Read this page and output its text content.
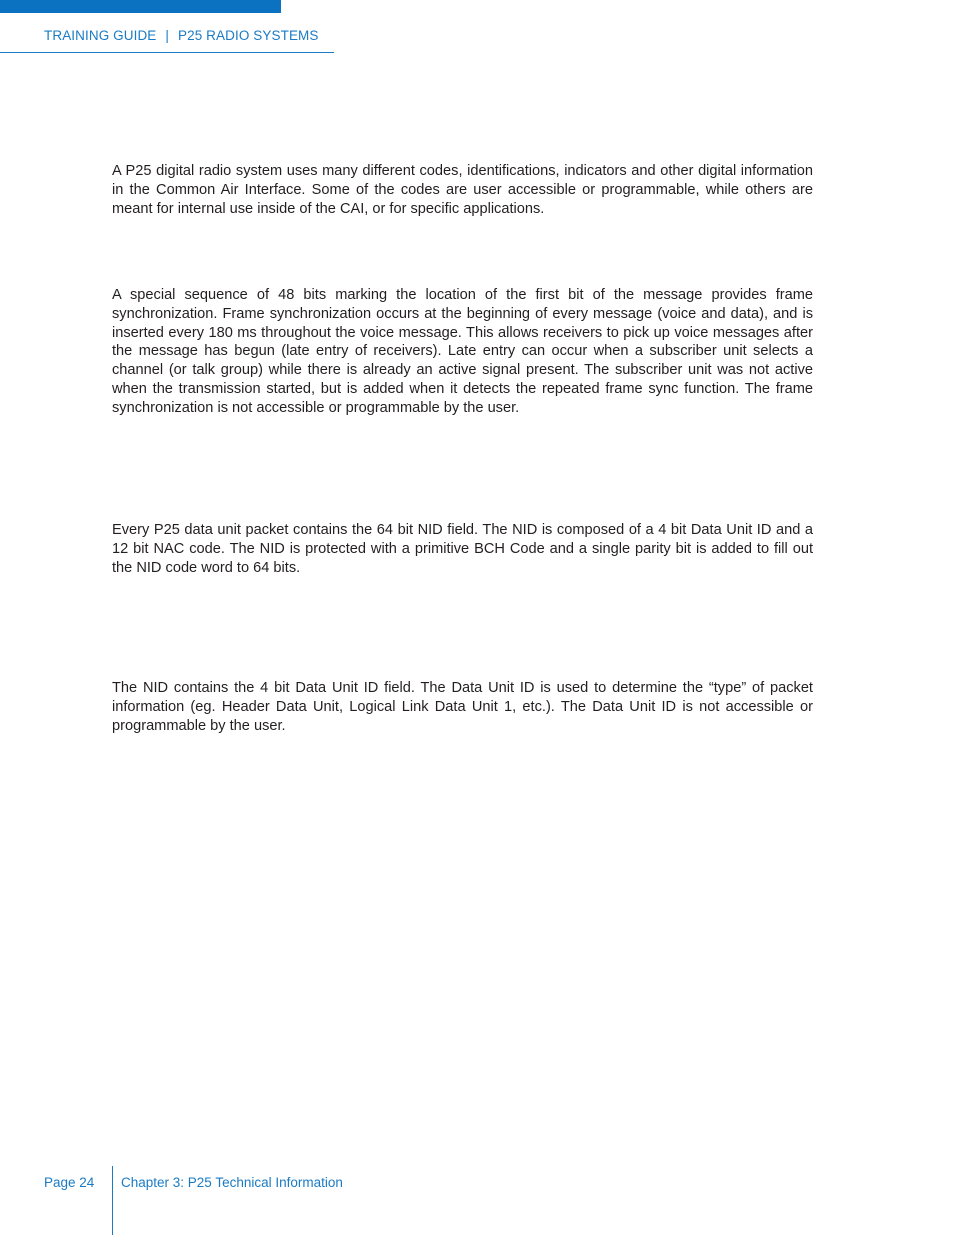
TRAINING GUIDE | P25 RADIO SYSTEMS

A P25 digital radio system uses many different codes, identifications, indicators and other digital information in the Common Air Interface. Some of the codes are user accessible or programmable, while others are meant for internal use inside of the CAI, or for specific applications.

A special sequence of 48 bits marking the location of the first bit of the message provides frame synchronization. Frame synchronization occurs at the beginning of every message (voice and data), and is inserted every 180 ms throughout the voice message. This allows receivers to pick up voice messages after the message has begun (late entry of receivers). Late entry can occur when a subscriber unit selects a channel (or talk group) while there is already an active signal present. The subscriber unit was not active when the transmission started, but is added when it detects the repeated frame sync function. The frame synchronization is not accessible or programmable by the user.

Every P25 data unit packet contains the 64 bit NID field. The NID is composed of a 4 bit Data Unit ID and a 12 bit NAC code. The NID is protected with a primitive BCH Code and a single parity bit is added to fill out the NID code word to 64 bits.

The NID contains the 4 bit Data Unit ID field. The Data Unit ID is used to determine the “type” of packet information (eg. Header Data Unit, Logical Link Data Unit 1, etc.). The Data Unit ID is not accessible or programmable by the user.

Page 24 Chapter 3: P25 Technical Information
